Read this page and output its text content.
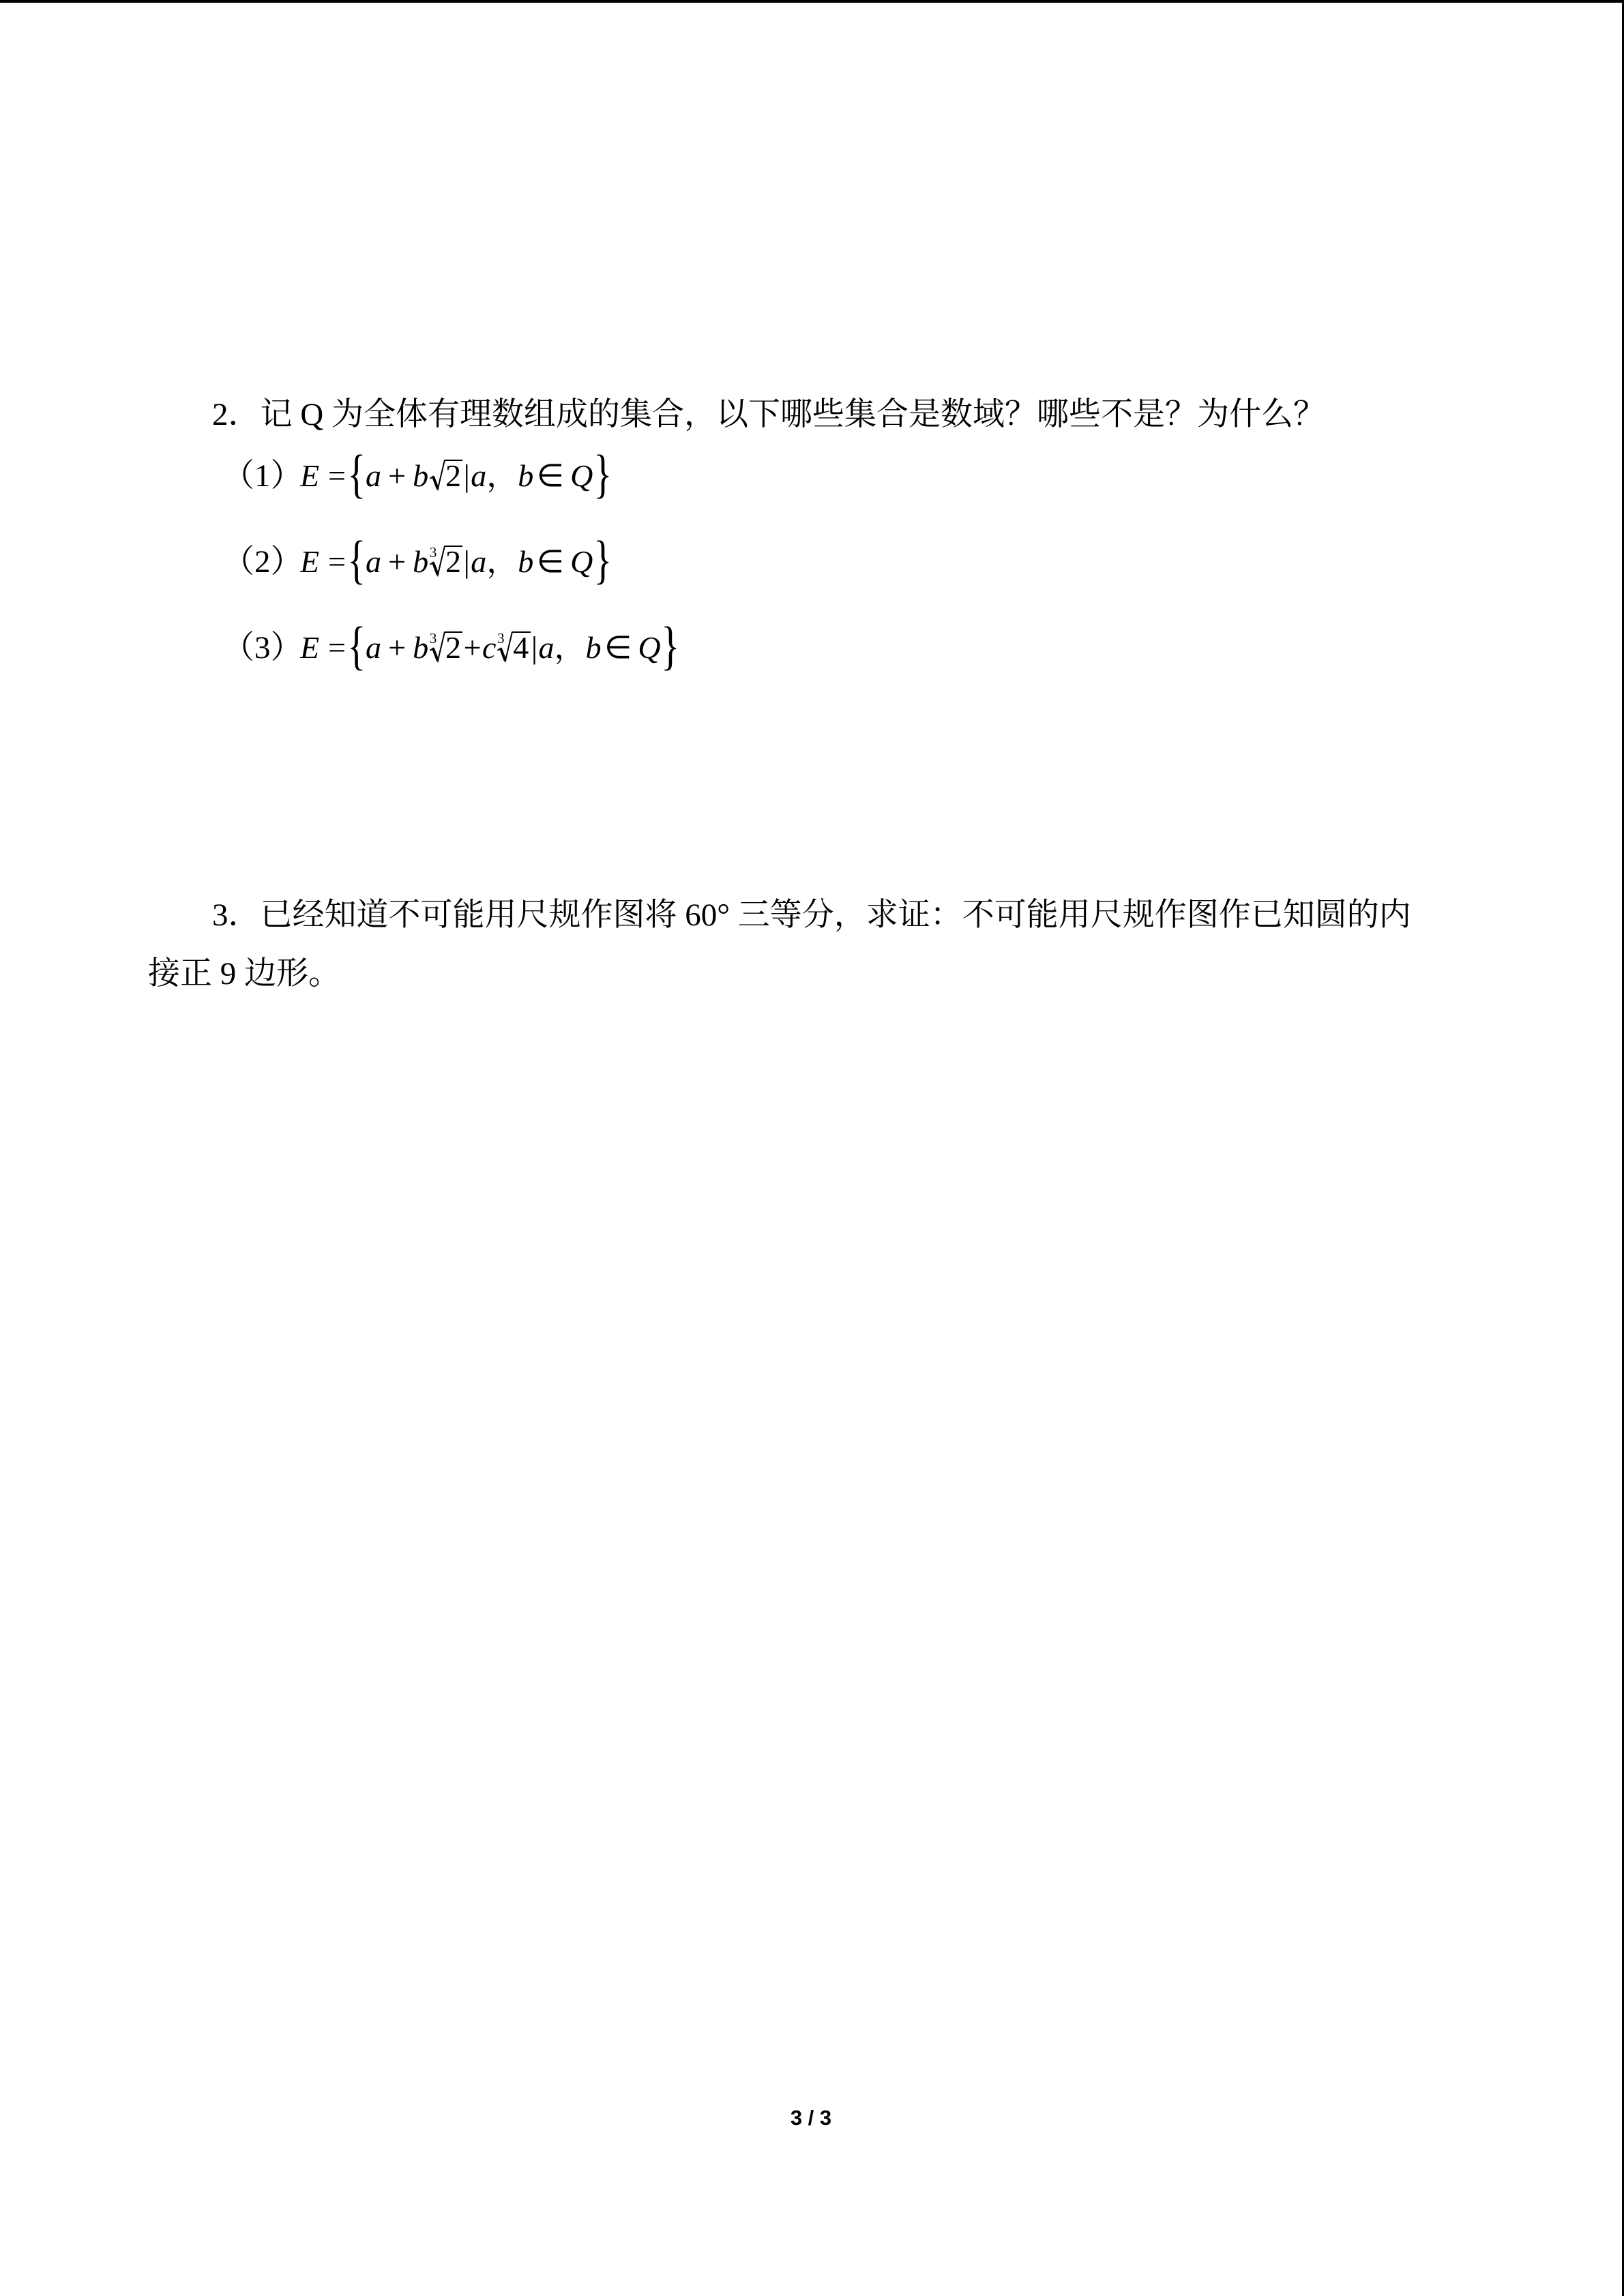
2．记 Q 为全体有理数组成的集合，以下哪些集合是数域？哪些不是？为什么？

（1）E ={a + b 2|a，b∈ Q}
（2）E ={a + b 3 2|a，b∈ Q}
（3）E ={a + b 3 2+c 3 4|a，b∈ Q}

3．已经知道不可能用尺规作图将 60° 三等分，求证：不可能用尺规作图作已知圆的内

接正 9 边形。

3 / 3
